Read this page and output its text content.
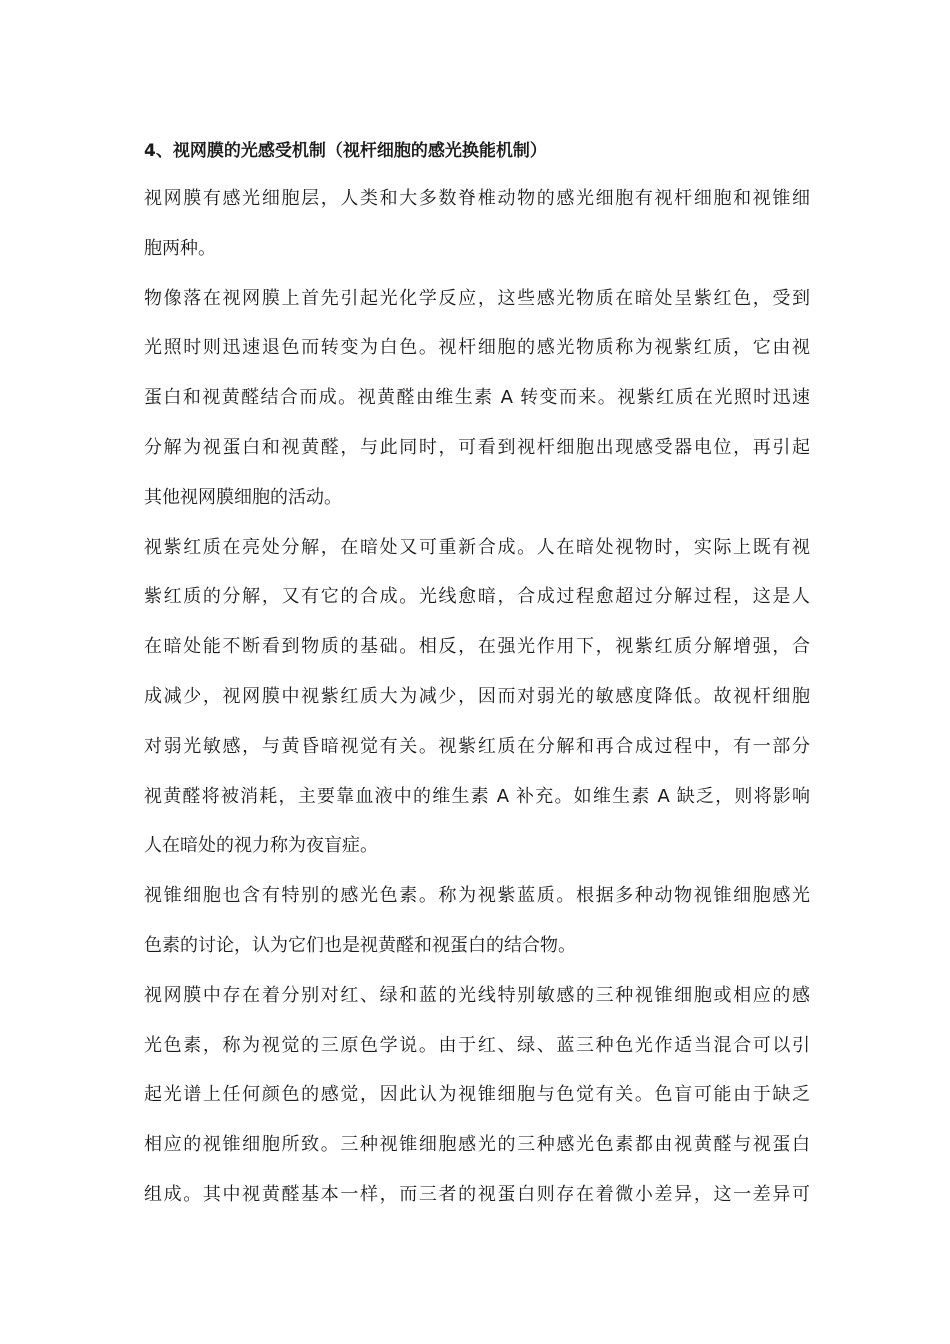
4、视网膜的光感受机制（视杆细胞的感光换能机制）

视网膜有感光细胞层，人类和大多数脊椎动物的感光细胞有视杆细胞和视锥细
胞两种。

物像落在视网膜上首先引起光化学反应，这些感光物质在暗处呈紫红色，受到
光照时则迅速退色而转变为白色。视杆细胞的感光物质称为视紫红质，它由视
蛋白和视黄醛结合而成。视黄醛由维生素 A 转变而来。视紫红质在光照时迅速
分解为视蛋白和视黄醛，与此同时，可看到视杆细胞出现感受器电位，再引起
其他视网膜细胞的活动。

视紫红质在亮处分解，在暗处又可重新合成。人在暗处视物时，实际上既有视
紫红质的分解，又有它的合成。光线愈暗，合成过程愈超过分解过程，这是人
在暗处能不断看到物质的基础。相反，在强光作用下，视紫红质分解增强，合
成减少，视网膜中视紫红质大为减少，因而对弱光的敏感度降低。故视杆细胞
对弱光敏感，与黄昏暗视觉有关。视紫红质在分解和再合成过程中，有一部分
视黄醛将被消耗，主要靠血液中的维生素 A 补充。如维生素 A 缺乏，则将影响
人在暗处的视力称为夜盲症。

视锥细胞也含有特别的感光色素。称为视紫蓝质。根据多种动物视锥细胞感光
色素的讨论，认为它们也是视黄醛和视蛋白的结合物。

视网膜中存在着分别对红、绿和蓝的光线特别敏感的三种视锥细胞或相应的感
光色素，称为视觉的三原色学说。由于红、绿、蓝三种色光作适当混合可以引
起光谱上任何颜色的感觉，因此认为视锥细胞与色觉有关。色盲可能由于缺乏
相应的视锥细胞所致。三种视锥细胞感光的三种感光色素都由视黄醛与视蛋白
组成。其中视黄醛基本一样，而三者的视蛋白则存在着微小差异，这一差异可
